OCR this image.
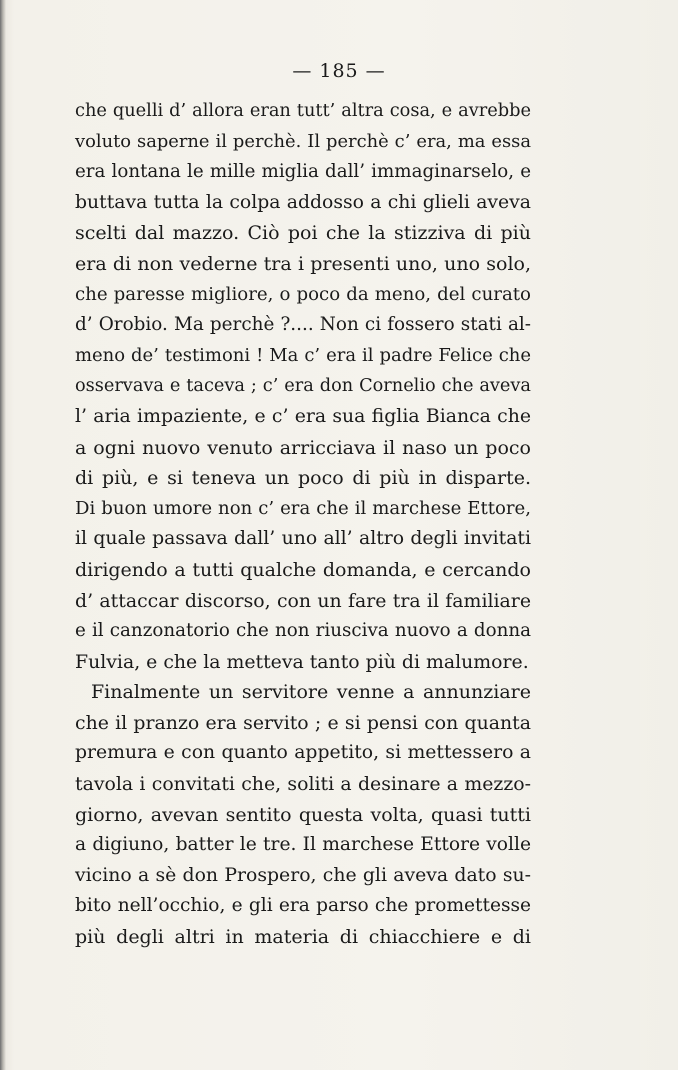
— 185 —
che quelli d’ allora eran tutt’ altra cosa, e avrebbe
voluto saperne il perchè. Il perchè c’ era, ma essa
era lontana le mille miglia dall’ immaginarselo, e
buttava tutta la colpa addosso a chi glieli aveva
scelti dal mazzo. Ciò poi che la stizziva di più
era di non vederne tra i presenti uno, uno solo,
che paresse migliore, o poco da meno, del curato
d’ Orobio. Ma perchè ?.... Non ci fossero stati al-
meno de’ testimoni ! Ma c’ era il padre Felice che
osservava e taceva ; c’ era don Cornelio che aveva
l’ aria impaziente, e c’ era sua figlia Bianca che
a ogni nuovo venuto arricciava il naso un poco
di più, e si teneva un poco di più in disparte.
Di buon umore non c’ era che il marchese Ettore,
il quale passava dall’ uno all’ altro degli invitati
dirigendo a tutti qualche domanda, e cercando
d’ attaccar discorso, con un fare tra il familiare
e il canzonatorio che non riusciva nuovo a donna
Fulvia, e che la metteva tanto più di malumore.
Finalmente un servitore venne a annunziare
che il pranzo era servito ; e si pensi con quanta
premura e con quanto appetito, si mettessero a
tavola i convitati che, soliti a desinare a mezzo-
giorno, avevan sentito questa volta, quasi tutti
a digiuno, batter le tre. Il marchese Ettore volle
vicino a sè don Prospero, che gli aveva dato su-
bito nell’occhio, e gli era parso che promettesse
più degli altri in materia di chiacchiere e di
